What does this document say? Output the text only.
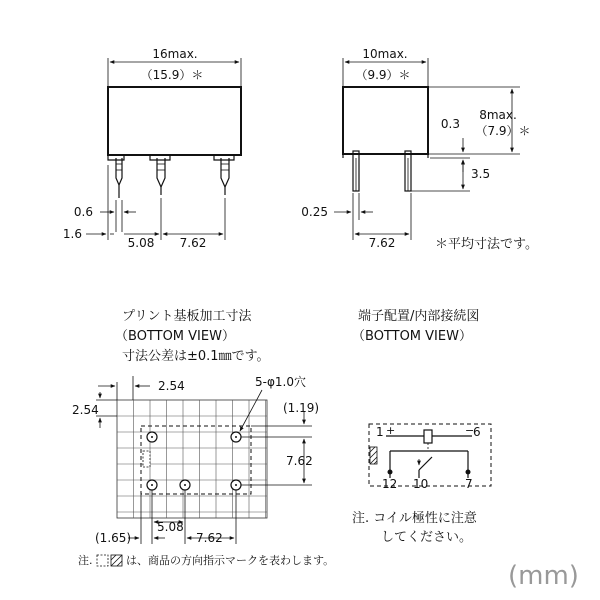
16max.
（15.9）＊
0.6
1.6
5.08 7.62
10max.
（9.9）＊
8max.
（7.9）＊
0.3
3.5
0.25
7.62	＊平均寸法です。
プリント基板加工寸法
（BOTTOM VIEW）
寸法公差は±0.1㎜です。
2.54
2.54
5-φ1.0穴
(1.19)
7.62
(1.65)
5.08
7.62
端子配置/内部接続図
（BOTTOM VIEW）
1 +	−
6
12 10	7
注. コイル極性に注意
してください。
注.	は、商品の方向指示マークを表わします。
(mm)
